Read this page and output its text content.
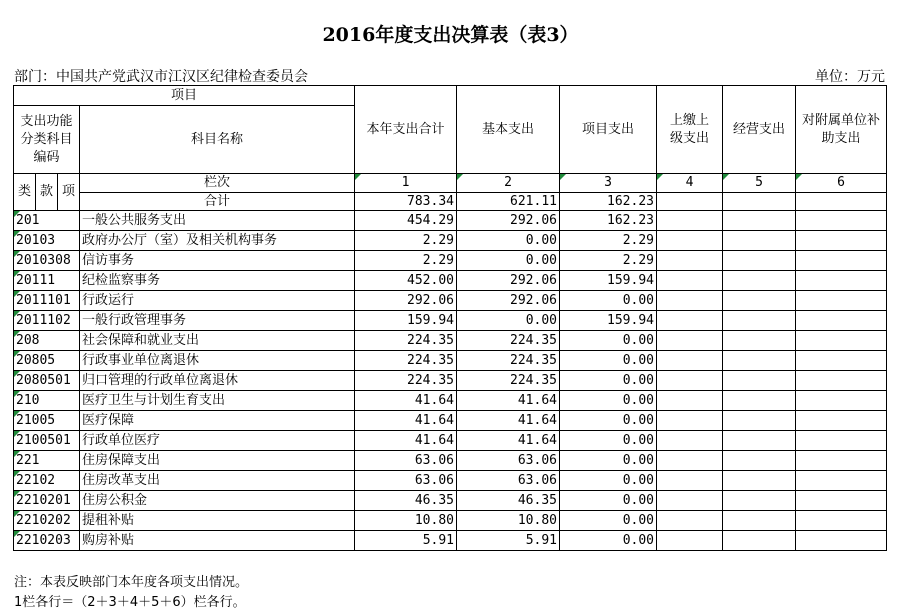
2016年度支出决算表（表3）
部门：中国共产党武汉市江汉区纪律检查委员会	单位：万元
项目				本年支出合计	基本支出	项目支出	上缴上级支出	经营支出	对附属单位补助支出

支出功能分类科目编码			科目名称						
类	款	项	栏次	1	2	3	4	5	6
			合计	783.34	621.11	162.23			
201			一般公共服务支出	454.29	292.06	162.23			
20103			政府办公厅（室）及相关机构事务	2.29	0.00	2.29			
2010308			信访事务	2.29	0.00	2.29			
20111			纪检监察事务	452.00	292.06	159.94			
2011101			行政运行	292.06	292.06	0.00			
2011102			一般行政管理事务	159.94	0.00	159.94			
208			社会保障和就业支出	224.35	224.35	0.00			
20805			行政事业单位离退休	224.35	224.35	0.00			
2080501			归口管理的行政单位离退休	224.35	224.35	0.00			
210			医疗卫生与计划生育支出	41.64	41.64	0.00			
21005			医疗保障	41.64	41.64	0.00			
2100501			行政单位医疗	41.64	41.64	0.00			
221			住房保障支出	63.06	63.06	0.00			
22102			住房改革支出	63.06	63.06	0.00			
2210201			住房公积金	46.35	46.35	0.00			
2210202			提租补贴	10.80	10.80	0.00			
2210203			购房补贴	5.91	5.91	0.00			
注：本表反映部门本年度各项支出情况。
1栏各行＝（2＋3＋4＋5＋6）栏各行。
